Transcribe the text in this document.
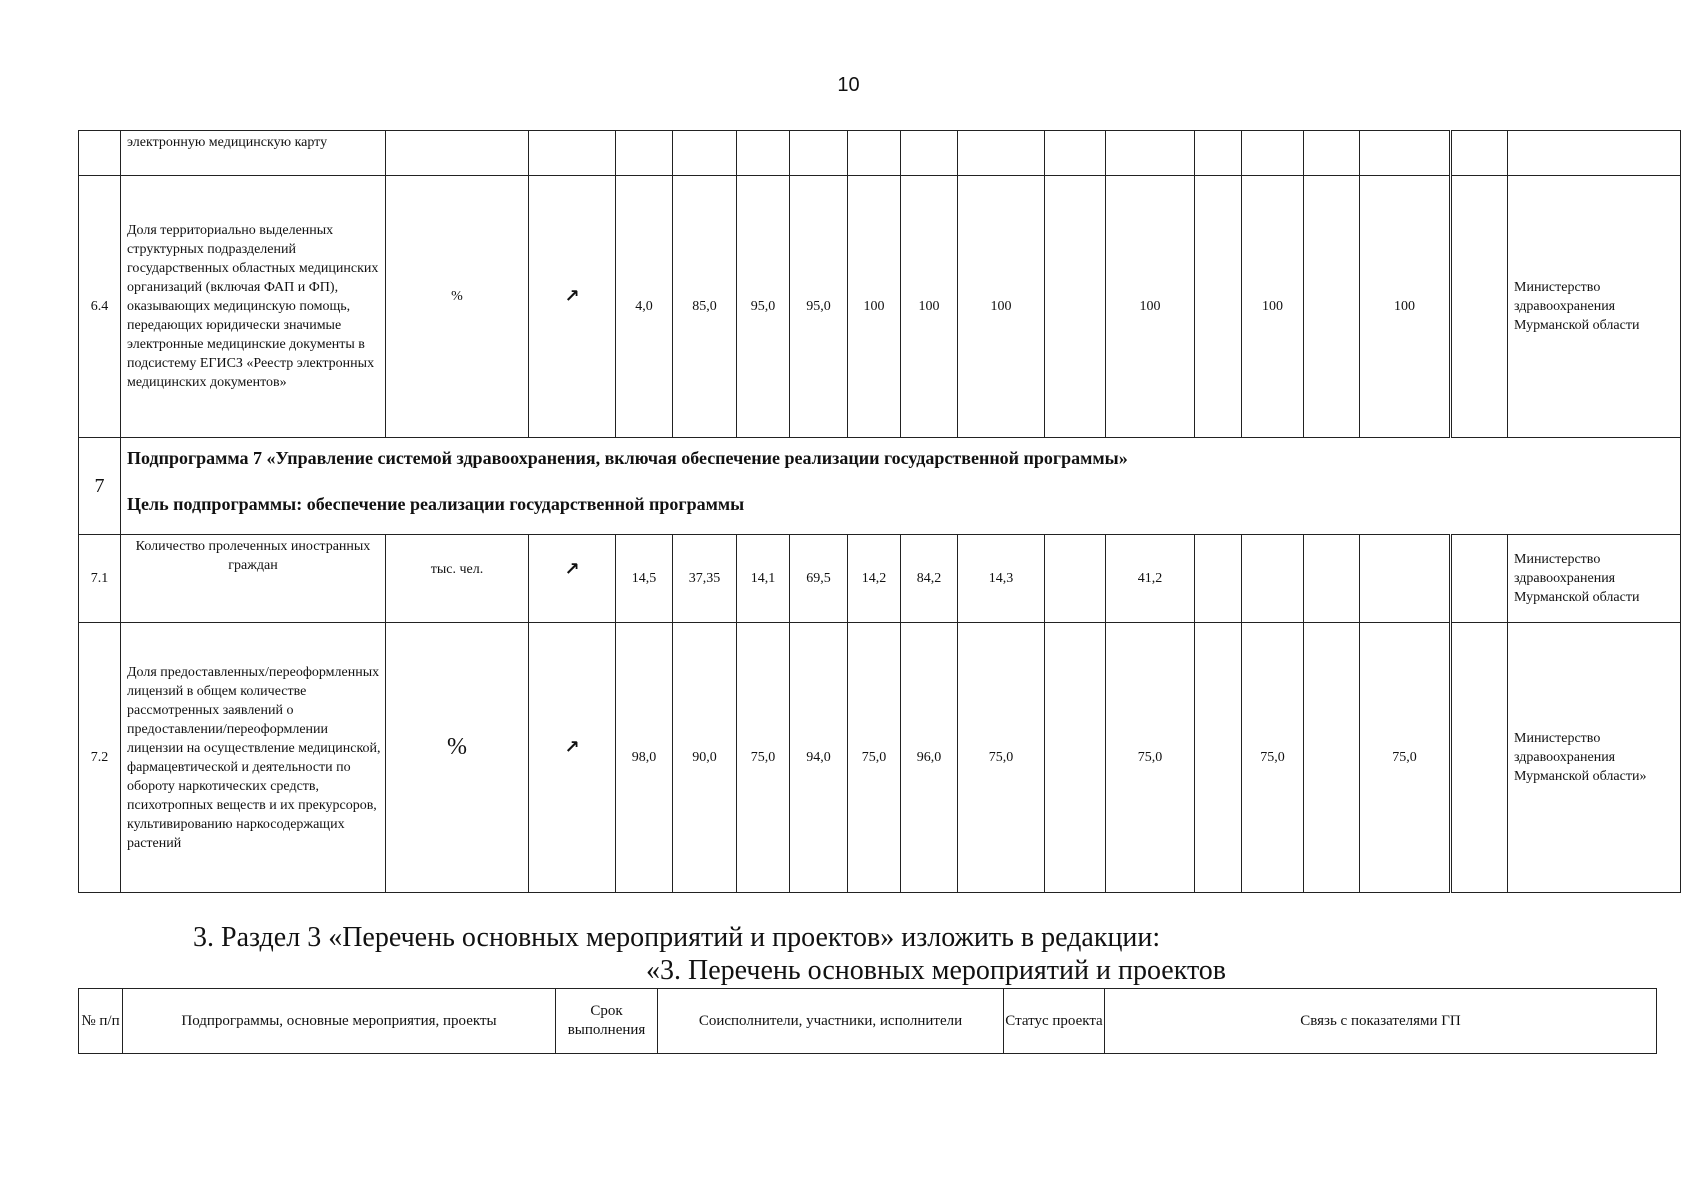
10
	электронную медицинскую карту																	
6.4	Доля территориально выделенных структурных подразделений государственных областных медицинских организаций (включая ФАП и ФП), оказывающих медицинскую помощь, передающих юридически значимые электронные медицинские документы в подсистему ЕГИСЗ «Реестр электронных медицинских документов»	%	↗	4,0	85,0	95,0	95,0	100	100	100		100		100		100		Министерство здравоохранения Мурманской области
7	Подпрограмма 7 «Управление системой здравоохранения, включая обеспечение реализации государственной программы»
Цель подпрограммы: обеспечение реализации государственной программы																	

7.1	Количество пролеченных иностранных граждан	тыс. чел.	↗	14,5	37,35	14,1	69,5	14,2	84,2	14,3		41,2						Министерство здравоохранения Мурманской области
7.2	Доля предоставленных/переоформленных лицензий в общем количестве рассмотренных заявлений о предоставлении/переоформлении лицензии на осуществление медицинской, фармацевтической и деятельности по обороту наркотических средств, психотропных веществ и их прекурсоров, культивированию наркосодержащих растений	%	↗	98,0	90,0	75,0	94,0	75,0	96,0	75,0		75,0		75,0		75,0		Министерство здравоохранения Мурманской области»
3. Раздел 3 «Перечень основных мероприятий и проектов» изложить в редакции:
«3. Перечень основных мероприятий и проектов
№ п/п	Подпрограммы, основные мероприятия, проекты	Срок выполнения	Соисполнители, участники, исполнители	Статус проекта	Связь с показателями ГП
